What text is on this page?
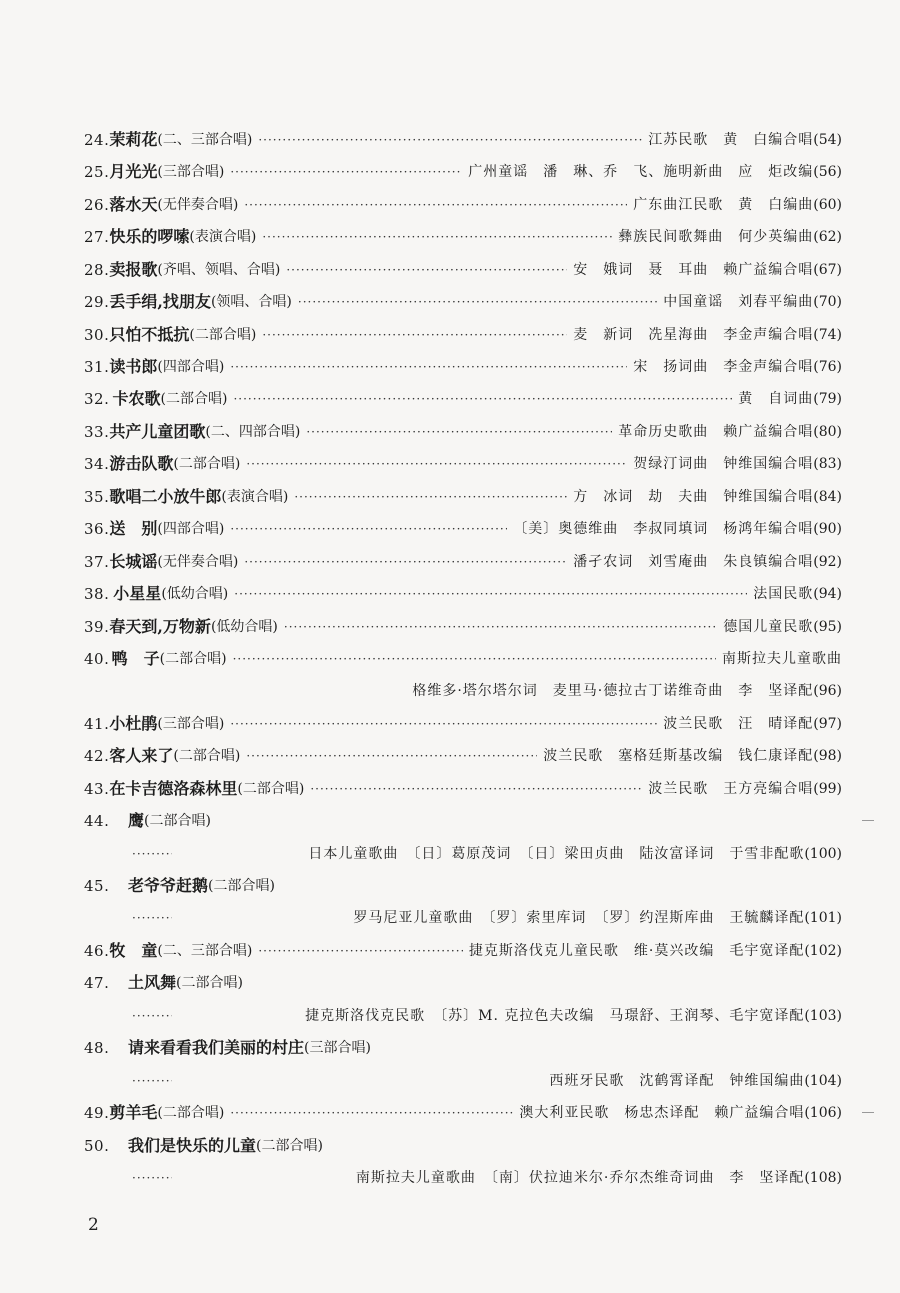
24. 茉莉花 (二、三部合唱) ·····	江苏民歌　黄　白编合唱 (54)
25. 月光光 (三部合唱) ·····	广州童谣　潘　琳、乔　飞、施明新曲　应　炬改编 (56)
26. 落水天 (无伴奏合唱) ·····	广东曲江民歌　黄　白编曲 (60)
27. 快乐的啰嗦 (表演合唱) ·····	彝族民间歌舞曲　何少英编曲 (62)
28. 卖报歌 (齐唱、领唱、合唱) ·····	安　娥词　聂　耳曲　赖广益编合唱 (67)
29. 丢手绢,找朋友 (领唱、合唱) ·····	中国童谣　刘春平编曲 (70)
30. 只怕不抵抗 (二部合唱) ·····	麦　新词　冼星海曲　李金声编合唱 (74)
31. 读书郎 (四部合唱) ·····	宋　扬词曲　李金声编合唱 (76)
32. 卡农歌 (二部合唱) ·····	黄　自词曲 (79)
33. 共产儿童团歌 (二、四部合唱) ·····	革命历史歌曲　赖广益编合唱 (80)
34. 游击队歌 (二部合唱) ·····	贺绿汀词曲　钟维国编合唱 (83)
35. 歌唱二小放牛郎 (表演合唱) ·····	方　冰词　劫　夫曲　钟维国编合唱 (84)
36. 送　别 (四部合唱) ·····	〔美〕奥德维曲　李叔同填词　杨鸿年编合唱 (90)
37. 长城谣 (无伴奏合唱) ·····	潘孑农词　刘雪庵曲　朱良镇编合唱 (92)
38. 小星星 (低幼合唱) ·····	法国民歌 (94)
39. 春天到,万物新 (低幼合唱) ·····	德国儿童民歌 (95)
40. 鸭　子 (二部合唱) ·····	南斯拉夫儿童歌曲
格维多·塔尔塔尔词　麦里马·德拉古丁诺维奇曲　李　坚译配 (96)
41. 小杜鹃 (三部合唱) ·····	波兰民歌　汪　晴译配 (97)
42. 客人来了 (二部合唱) ·····	波兰民歌　塞格廷斯基改编　钱仁康译配 (98)
43. 在卡吉德洛森林里 (二部合唱) ·····	波兰民歌　王方亮编合唱 (99)
44.	鹰 (二部合唱)
·····
日本儿童歌曲　〔日〕葛原茂词　〔日〕梁田贞曲　陆汝富译词　于雪非配歌 (100)
45.	老爷爷赶鹅 (二部合唱)
·····
罗马尼亚儿童歌曲　〔罗〕索里库词　〔罗〕约涅斯库曲　王毓麟译配 (101)
46. 牧　童 (二、三部合唱) ·····	捷克斯洛伐克儿童民歌　维·莫兴改编　毛宇宽译配 (102)
47.	土风舞 (二部合唱)
·····
捷克斯洛伐克民歌　〔苏〕M. 克拉色夫改编　马璟舒、王润琴、毛宇宽译配 (103)
48.	请来看看我们美丽的村庄 (三部合唱)
·····
西班牙民歌　沈鹤霄译配　钟维国编曲 (104)
49. 剪羊毛 (二部合唱) ·····	澳大利亚民歌　杨忠杰译配　赖广益编合唱 (106)
50.	我们是快乐的儿童 (二部合唱)
·····
南斯拉夫儿童歌曲　〔南〕伏拉迪米尔·乔尔杰维奇词曲　李　坚译配 (108)
2
